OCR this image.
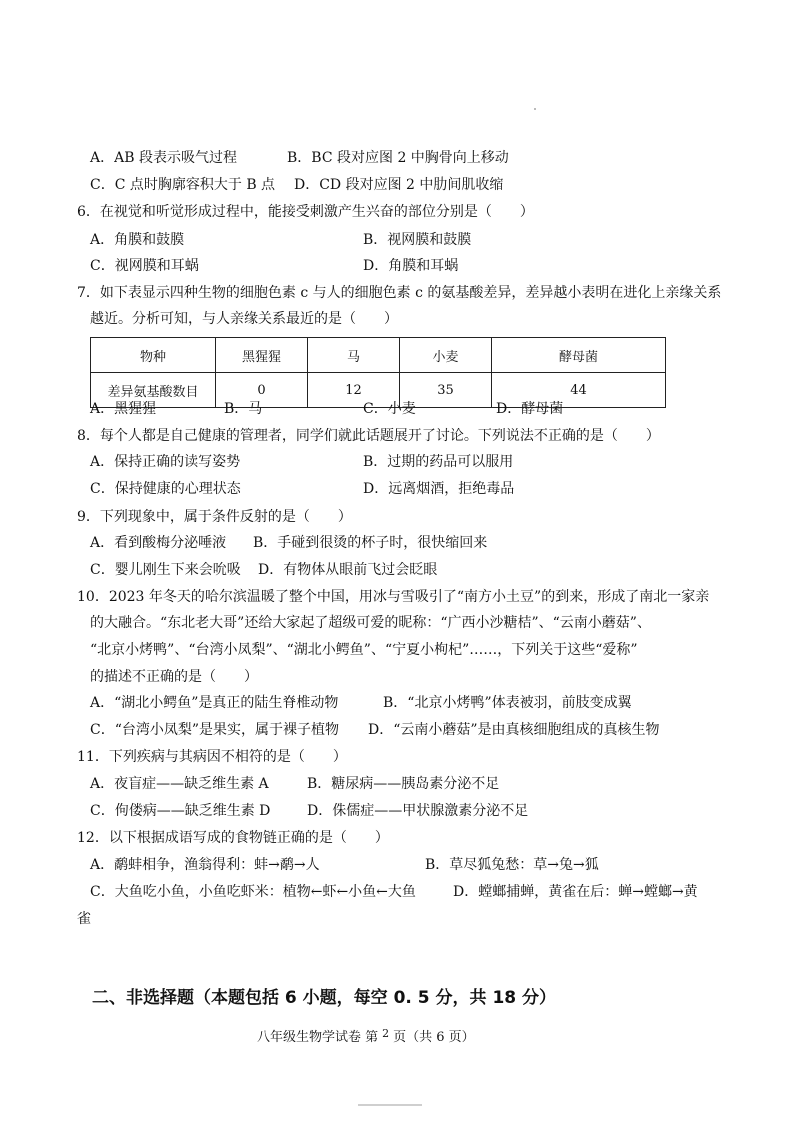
A．AB 段表示吸气过程	B．BC 段对应图 2 中胸骨向上移动
C．C 点时胸廓容积大于 B 点 D．CD 段对应图 2 中肋间肌收缩
6．在视觉和听觉形成过程中，能接受刺激产生兴奋的部位分别是（　　）
A．角膜和鼓膜	B．视网膜和鼓膜
C．视网膜和耳蜗	D．角膜和耳蜗
7．如下表显示四种生物的细胞色素 c 与人的细胞色素 c 的氨基酸差异，差异越小表明在进化上亲缘关系
越近。分析可知，与人亲缘关系最近的是（　　）
物种	黑猩猩	马	小麦	酵母菌
差异氨基酸数目	0	12	35	44
A．黑猩猩	B．马	C．小麦	D．酵母菌
8．每个人都是自己健康的管理者，同学们就此话题展开了讨论。下列说法不正确的是（　　）
A．保持正确的读写姿势	B．过期的药品可以服用
C．保持健康的心理状态	D．远离烟酒，拒绝毒品
9．下列现象中，属于条件反射的是（　　）
A．看到酸梅分泌唾液 B．手碰到很烫的杯子时，很快缩回来
C．婴儿刚生下来会吮吸 D．有物体从眼前飞过会眨眼
10．2023 年冬天的哈尔滨温暖了整个中国，用冰与雪吸引了“南方小土豆”的到来，形成了南北一家亲
的大融合。“东北老大哥”还给大家起了超级可爱的昵称：“广西小沙糖桔”、“云南小蘑菇”、
“北京小烤鸭”、“台湾小凤梨”、“湖北小鳄鱼”、“宁夏小枸杞”……，下列关于这些“爱称”
的描述不正确的是（　　）
A．“湖北小鳄鱼”是真正的陆生脊椎动物	B．“北京小烤鸭”体表被羽，前肢变成翼
C．“台湾小凤梨”是果实，属于裸子植物 D．“云南小蘑菇”是由真核细胞组成的真核生物
11．下列疾病与其病因不相符的是（　　）
A．夜盲症——缺乏维生素 A	B．糖尿病——胰岛素分泌不足
C．佝偻病——缺乏维生素 D	D．侏儒症——甲状腺激素分泌不足
12．以下根据成语写成的食物链正确的是（　　）
A．鹬蚌相争，渔翁得利：蚌→鹬→人	B．草尽狐兔愁：草→兔→狐
C．大鱼吃小鱼，小鱼吃虾米：植物←虾←小鱼←大鱼	D．螳螂捕蝉，黄雀在后：蝉→螳螂→黄
雀
二、非选择题（本题包括 6 小题，每空 0. 5 分，共 18 分）
八年级生物学试卷 第 $^2$ 页（共 6 页）
